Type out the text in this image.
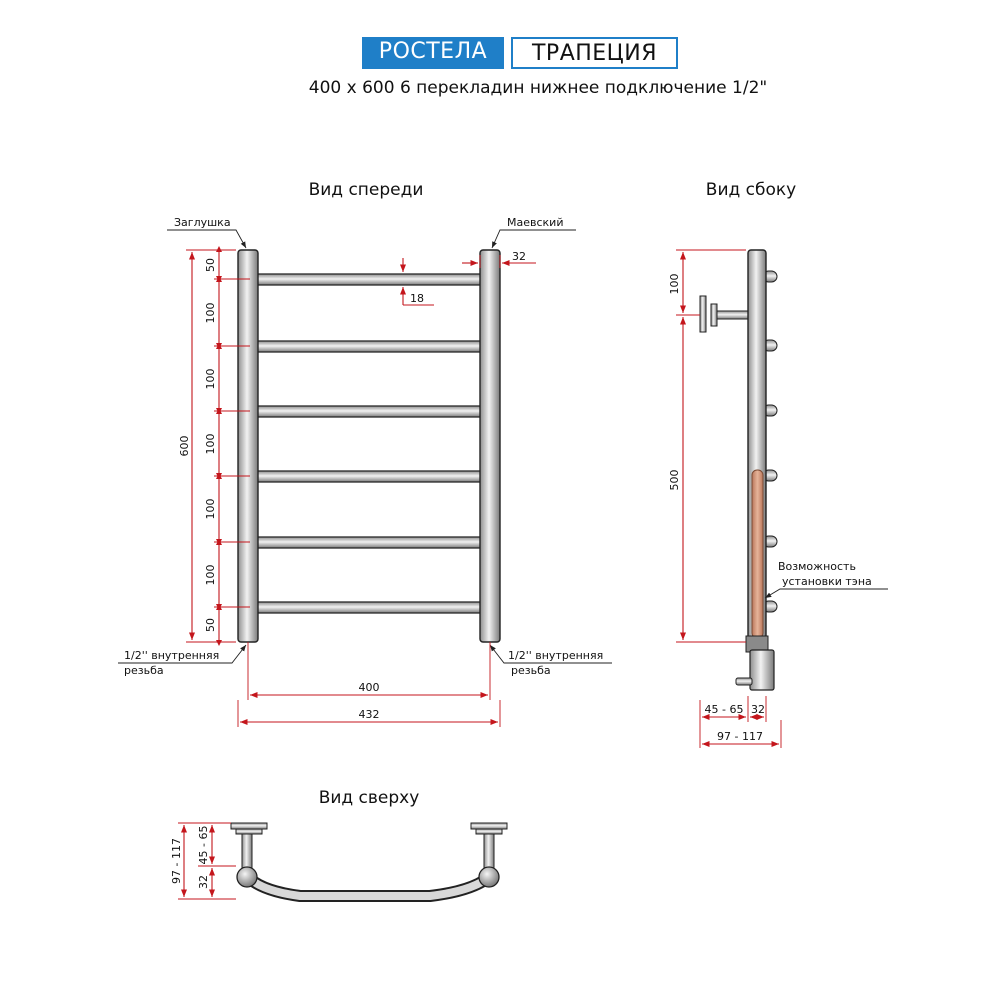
РОСТЕЛА	ТРАПЕЦИЯ
400 x 600 6 перекладин нижнее подключение 1/2"
Вид спереди
Заглушка	Маевский
1/2'' внутренняя
резьба
1/2'' внутренняя
резьба
600
50
100
100
100
100
100
50
32
18
400
432
Вид сбоку
Возможность
установки тэна
100
500
45 - 65 32
97 - 117
Вид сверху
97 - 117 45 - 65
32
